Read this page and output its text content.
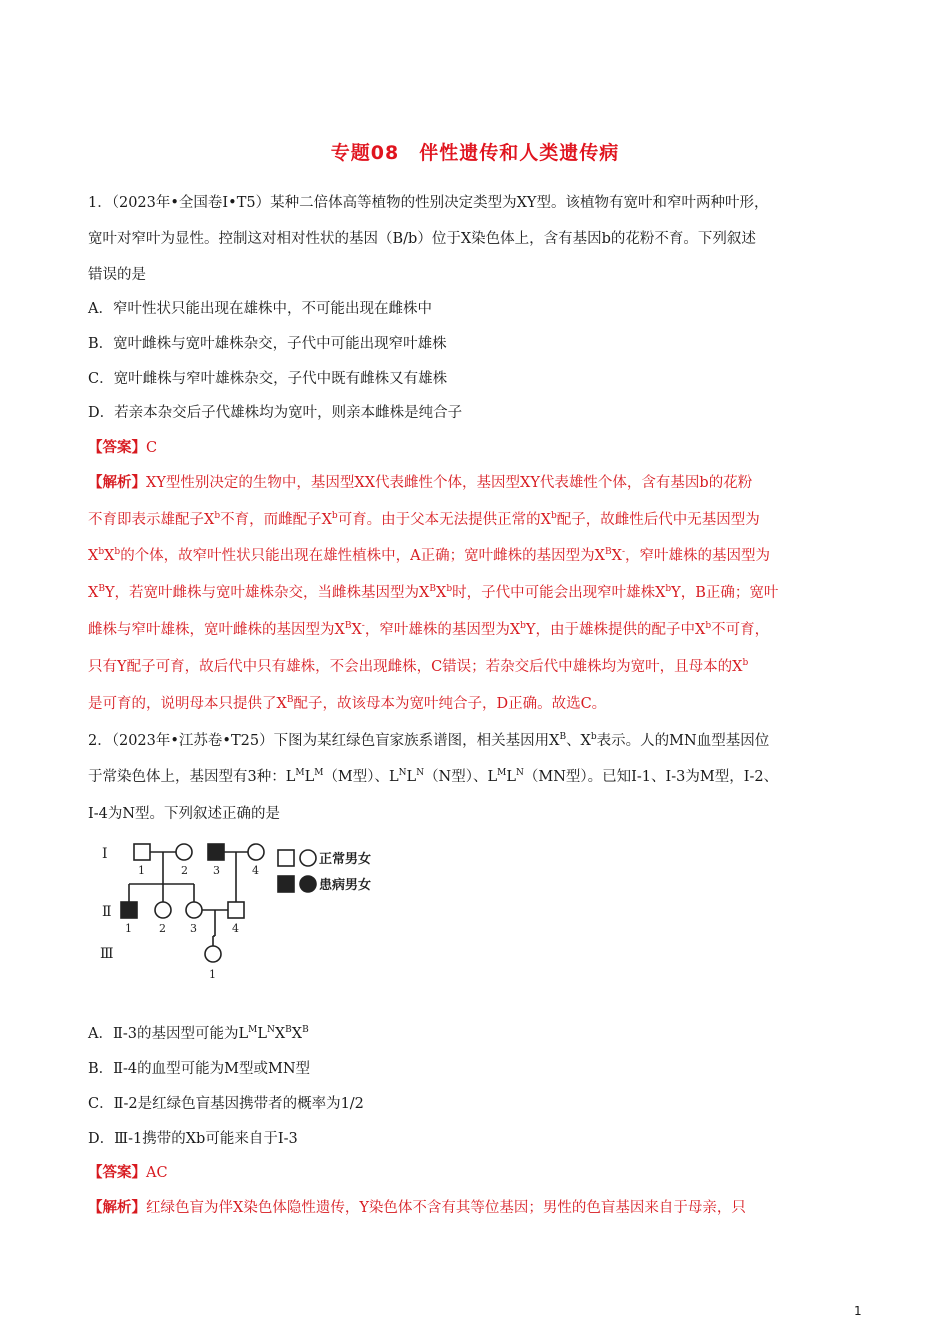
专题08　伴性遗传和人类遗传病
1．（2023年•全国卷Ⅰ•T5）某种二倍体高等植物的性别决定类型为XY型。该植物有宽叶和窄叶两种叶形，
宽叶对窄叶为显性。控制这对相对性状的基因（B/b）位于X染色体上，含有基因b的花粉不育。下列叙述
错误的是
A．窄叶性状只能出现在雄株中，不可能出现在雌株中
B．宽叶雌株与宽叶雄株杂交，子代中可能出现窄叶雄株
C．宽叶雌株与窄叶雄株杂交，子代中既有雌株又有雄株
D．若亲本杂交后子代雄株均为宽叶，则亲本雌株是纯合子
【答案】C
【解析】XY型性别决定的生物中，基因型XX代表雌性个体，基因型XY代表雄性个体，含有基因b的花粉
不育即表示雄配子$X^b$不育，而雌配子$X^b$可育。由于父本无法提供正常的$X^b$配子，故雌性后代中无基因型为
$X^bX^b$的个体，故窄叶性状只能出现在雄性植株中，A正确；宽叶雌株的基因型为$X^BX^-$，窄叶雄株的基因型为
$X^BY$，若宽叶雌株与宽叶雄株杂交，当雌株基因型为$X^BX^b$时，子代中可能会出现窄叶雄株$X^bY$，B正确；宽叶
雌株与窄叶雄株，宽叶雌株的基因型为$X^BX^-$，窄叶雄株的基因型为$X^bY$，由于雄株提供的配子中$X^b$不可育，
只有Y配子可育，故后代中只有雄株，不会出现雌株，C错误；若杂交后代中雄株均为宽叶，且母本的$X^b$
是可育的，说明母本只提供了$X^B$配子，故该母本为宽叶纯合子，D正确。故选C。
2．（2023年•江苏卷•T25）下图为某红绿色盲家族系谱图，相关基因用$X^B$、$X^b$表示。人的MN血型基因位
于常染色体上，基因型有3种：$L^ML^M(M$型）、$L^NL^N(N$型）、$L^ML^N(MN$型）。已知Ⅰ-1、Ⅰ-3为M型，Ⅰ-2、
Ⅰ-4为N型。下列叙述正确的是
Ⅰ
Ⅱ
Ⅲ
1	2 3	4
1 2 3	4
1
正常男女
患病男女
A．Ⅱ-3的基因型可能为$L^ML^NX^BX^B$
B．Ⅱ-4的血型可能为M型或MN型
C．Ⅱ-2是红绿色盲基因携带者的概率为1/2
D．Ⅲ-1携带的Xb可能来自于Ⅰ-3
【答案】AC
【解析】红绿色盲为伴X染色体隐性遗传，Y染色体不含有其等位基因；男性的色盲基因来自于母亲，只
1
